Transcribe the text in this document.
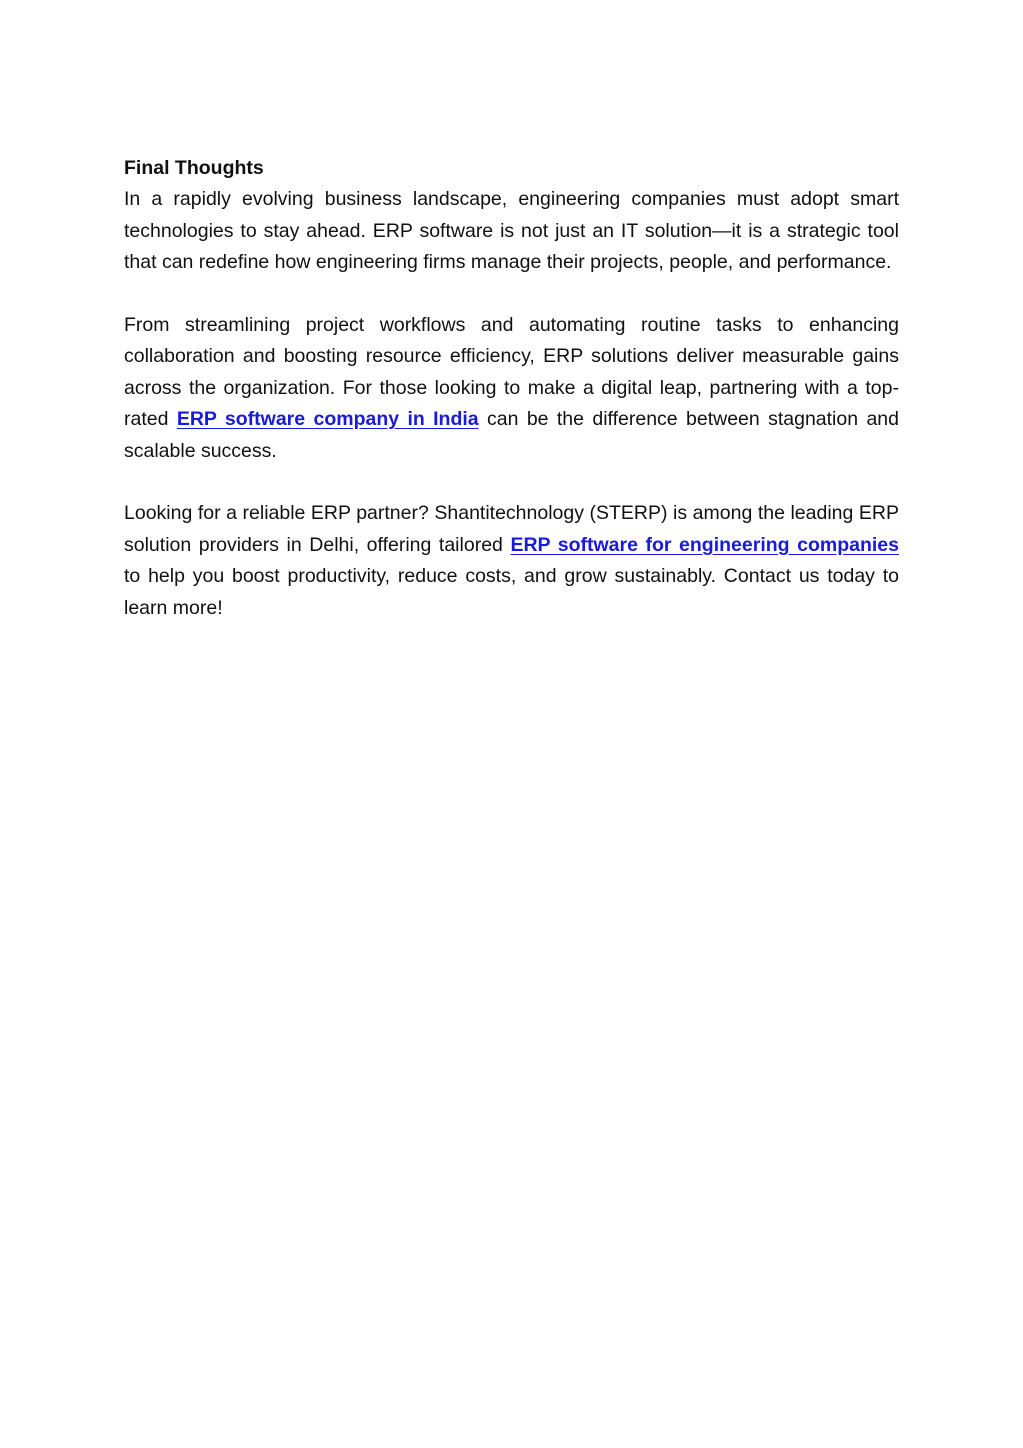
Final Thoughts

In a rapidly evolving business landscape, engineering companies must adopt smart technologies to stay ahead. ERP software is not just an IT solution—it is a strategic tool that can redefine how engineering firms manage their projects, people, and performance.

From streamlining project workflows and automating routine tasks to enhancing collaboration and boosting resource efficiency, ERP solutions deliver measurable gains across the organization. For those looking to make a digital leap, partnering with a top-rated ERP software company in India can be the difference between stagnation and scalable success.

Looking for a reliable ERP partner? Shantitechnology (STERP) is among the leading ERP solution providers in Delhi, offering tailored ERP software for engineering companies to help you boost productivity, reduce costs, and grow sustainably. Contact us today to learn more!
